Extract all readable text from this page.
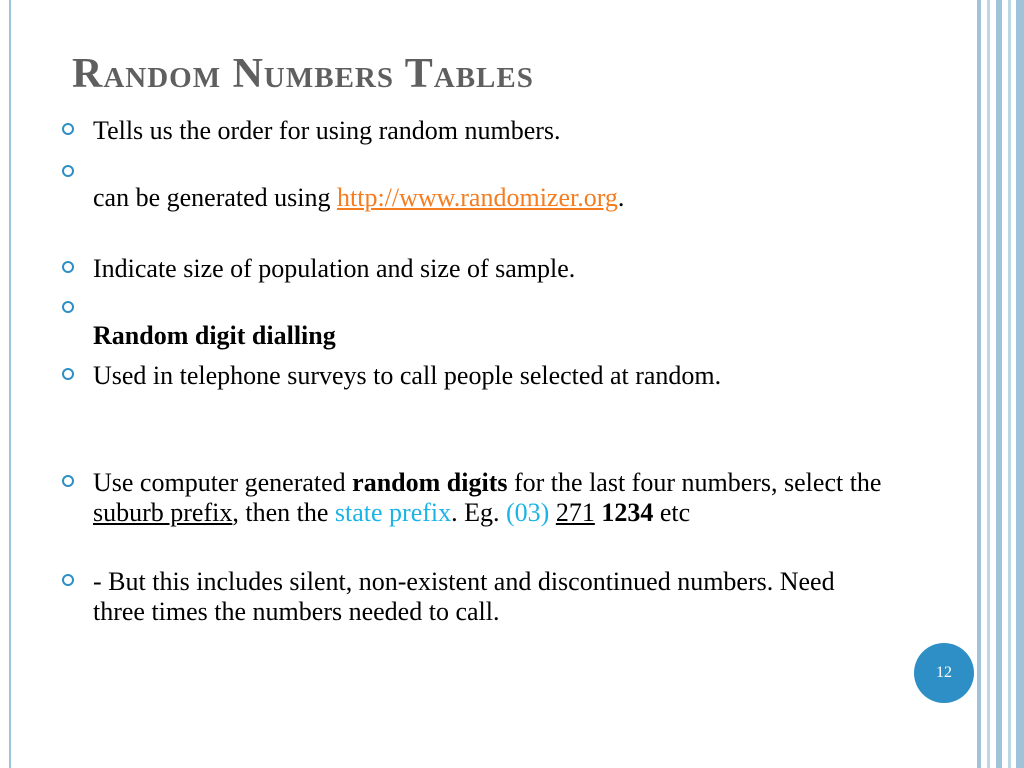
Random Numbers Tables
Tells us the order for using random numbers.
can be generated using http://www.randomizer.org.
Indicate size of population and size of sample.
Random digit dialling
Used in telephone surveys to call people selected at random.
Use computer generated random digits for the last four numbers, select the suburb prefix, then the state prefix. Eg. (03) 271 1234 etc
- But this includes silent, non-existent and discontinued numbers. Need three times the numbers needed to call.
12
